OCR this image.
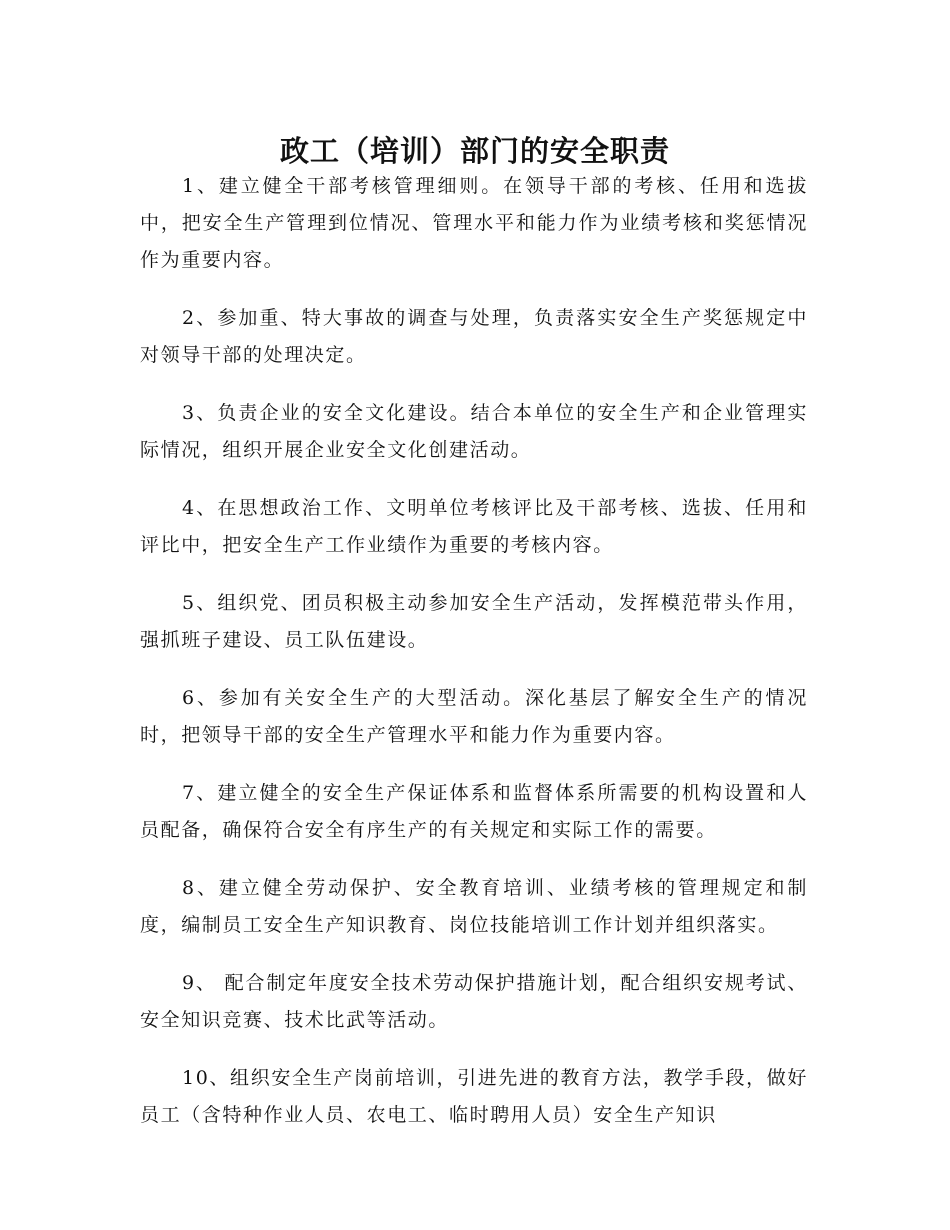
政工（培训）部门的安全职责

1、建立健全干部考核管理细则。在领导干部的考核、任用和选拔中，把安全生产管理到位情况、管理水平和能力作为业绩考核和奖惩情况作为重要内容。

2、参加重、特大事故的调查与处理，负责落实安全生产奖惩规定中对领导干部的处理决定。

3、负责企业的安全文化建设。结合本单位的安全生产和企业管理实际情况，组织开展企业安全文化创建活动。

4、在思想政治工作、文明单位考核评比及干部考核、选拔、任用和评比中，把安全生产工作业绩作为重要的考核内容。

5、组织党、团员积极主动参加安全生产活动，发挥模范带头作用，强抓班子建设、员工队伍建设。

6、参加有关安全生产的大型活动。深化基层了解安全生产的情况时，把领导干部的安全生产管理水平和能力作为重要内容。

7、建立健全的安全生产保证体系和监督体系所需要的机构设置和人员配备，确保符合安全有序生产的有关规定和实际工作的需要。

8、建立健全劳动保护、安全教育培训、业绩考核的管理规定和制度，编制员工安全生产知识教育、岗位技能培训工作计划并组织落实。

9、 配合制定年度安全技术劳动保护措施计划，配合组织安规考试、安全知识竞赛、技术比武等活动。

10、组织安全生产岗前培训，引进先进的教育方法，教学手段，做好员工（含特种作业人员、农电工、临时聘用人员）安全生产知识
